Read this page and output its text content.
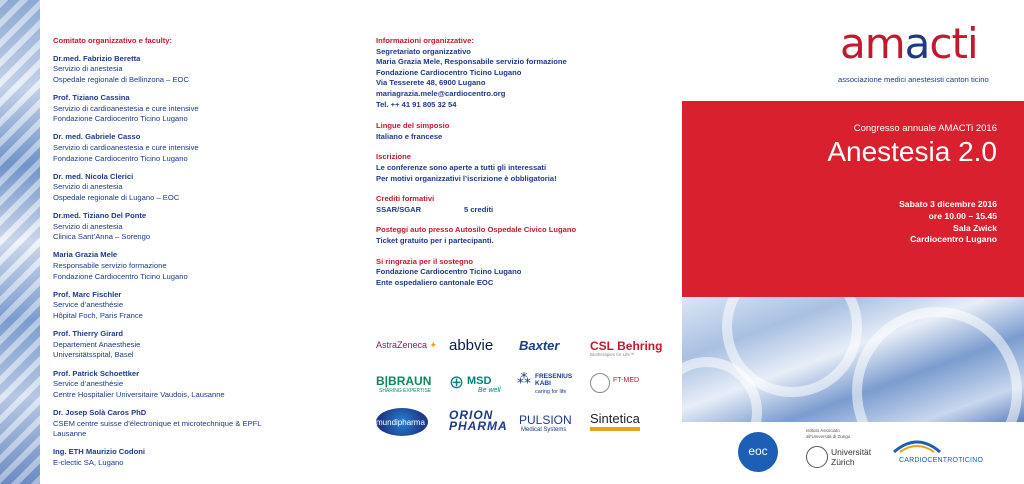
Comitato organizzativo e faculty:
Dr.med. Fabrizio Beretta
Servizio di anestesia
Ospedale regionale di Bellinzona – EOC
Prof. Tiziano Cassina
Servizio di cardioanestesia e cure intensive
Fondazione Cardiocentro Ticino Lugano
Dr. med. Gabriele Casso
Servizio di cardioanestesia e cure intensive
Fondazione Cardiocentro Ticino Lugano
Dr. med. Nicola Clerici
Servizio di anestesia
Ospedale regionale di Lugano – EOC
Dr.med. Tiziano Del Ponte
Servizio di anestesia
Clinica Sant’Anna – Sorengo
Maria Grazia Mele
Responsabile servizio formazione
Fondazione Cardiocentro Ticino Lugano
Prof. Marc Fischler
Service d’anesthésie
Hôpital Foch, Paris France
Prof. Thierry Girard
Departement Anaesthesie
Universitätsspital, Basel
Prof. Patrick Schoettker
Service d’anesthésie
Centre Hospitalier Universitaire Vaudois, Lausanne
Dr. Josep Solà Caros PhD
CSEM centre suisse d’électronique et microtechnique & EPFL
Lausanne
Ing. ETH Maurizio Codoni
E-clectic SA, Lugano
Informazioni organizzative:
Segretariato organizzativo
Maria Grazia Mele, Responsabile servizio formazione
Fondazione Cardiocentro Ticino Lugano
Via Tesserete 48, 6900 Lugano
mariagrazia.mele@cardiocentro.org
Tel. ++ 41 91 805 32 54
Lingue del simposio
Italiano e francese
Iscrizione
Le conferenze sono aperte a tutti gli interessati
Per motivi organizzativi l’iscrizione è obbligatoria!
Crediti formativi
SSAR/SGAR	5 crediti
Posteggi auto presso Autosilo Ospedale Civico Lugano
Ticket gratuito per i partecipanti.
Si ringrazia per il sostegno
Fondazione Cardiocentro Ticino Lugano
Ente ospedaliero cantonale EOC
AstraZeneca ✦ abbvie Baxter	CSL Behring
Biotherapies for Life™
B|BRAUN
SHARING EXPERTISE ⊕ MSD
Be well
⁂ FRESENIUS KABI
caring for life
FT-MED
mundipharma
ORION PHARMA PULSION
Medical Systems
Sintetica
amacti
associazione medici anestesisti canton ticino
Congresso annuale AMACTi 2016
Anestesia 2.0
Sabato 3 dicembre 2016
ore 10.00 – 15.45
Sala Zwick
Cardiocentro Lugano
eoc
Istituto Associato
all’Università di Zurigo
Universität
Zürich	CARDIOCENTROTICINO
